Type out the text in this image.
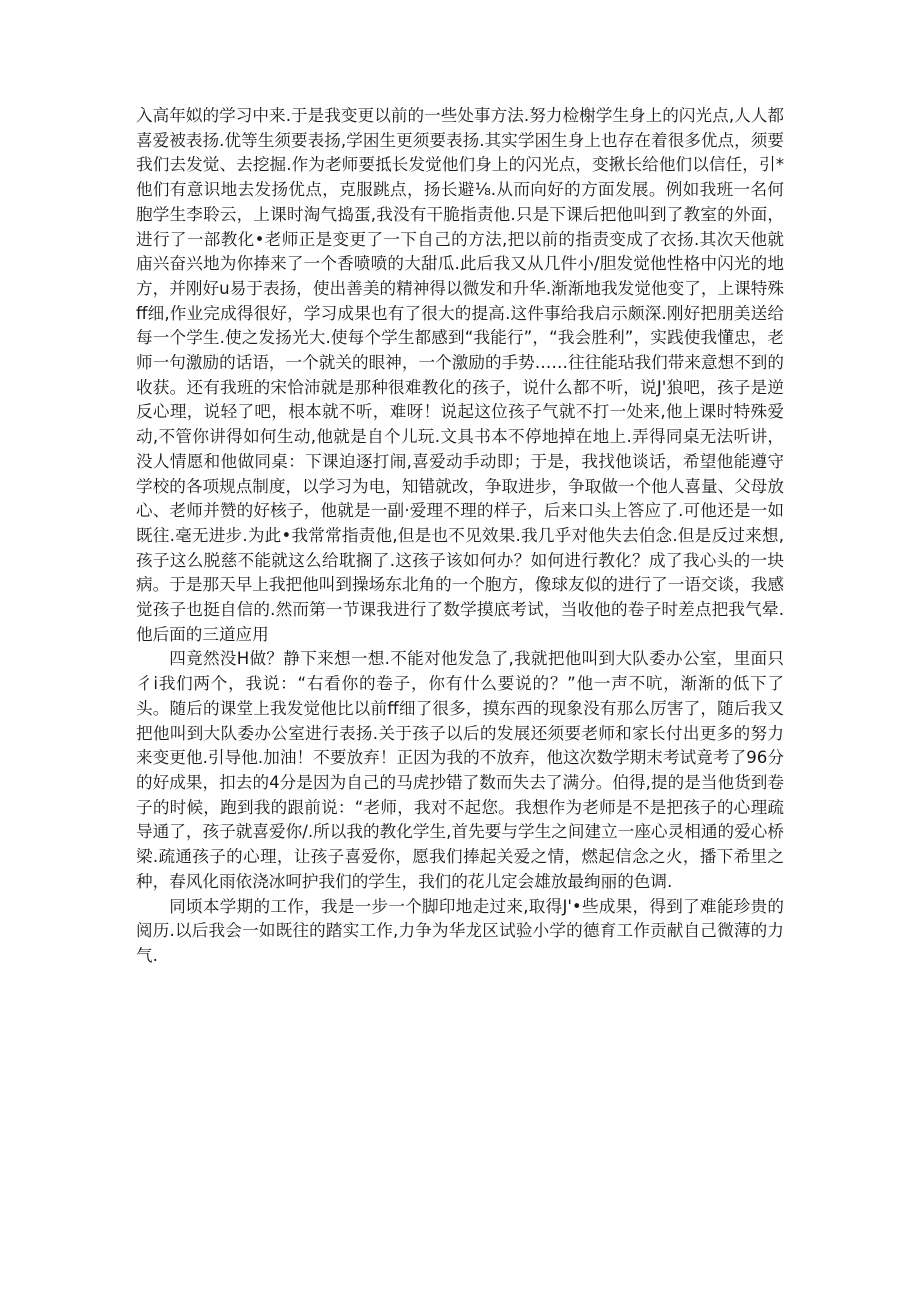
入高年姒的学习中来.于是我变更以前的一些处事方法.努力检榭学生身上的闪光点,人人都喜爱被表扬.优等生须要表扬,学困生更须要表扬.其实学困生身上也存在着很多优点，须要我们去发觉、去挖掘.作为老师要抵长发觉他们身上的闪光点，变揪长给他们以信任，引*他们有意识地去发扬优点，克服跳点，扬长避⅛.从而向好的方面发展。例如我班一名何胞学生李聆云，上课时淘气捣蛋,我没有干脆指责他.只是下课后把他叫到了教室的外面，进行了一部教化•老师正是变更了一下自己的方法,把以前的指责变成了衣扬.其次天他就庙兴奋兴地为你捧来了一个香喷喷的大甜瓜.此后我又从几件小/胆发觉他性格中闪光的地方，并刚好u易于表扬，使出善美的精神得以微发和升华.渐渐地我发觉他变了，上课特殊ff细,作业完成得很好，学习成果也有了很大的提高.这件事给我启示颇深.刚好把朋美送给每一个学生.使之发扬光大.使每个学生都感到“我能行”，“我会胜利”，实践使我懂忠，老师一句激励的话语，一个就关的眼神，一个激励的手势……往往能玷我们带来意想不到的收获。还有我班的宋恰沛就是那种很难教化的孩子，说什么都不听，说J'狼吧，孩子是逆反心理，说轻了吧，根本就不听，难呀！说起这位孩子气就不打一处来,他上课时特殊爱动,不管你讲得如何生动,他就是自个儿玩.文具书本不停地掉在地上.弄得同桌无法听讲，没人情愿和他做同桌：下课迫逐打闹,喜爱动手动即；于是，我找他谈话，希望他能遵守学校的各项规点制度，以学习为电，知错就改，争取进步，争取做一个他人喜量、父母放心、老师并赞的好核子，他就是一副·爱理不理的样子，后来口头上答应了.可他还是一如既往.毫无进步.为此•我常常指责他,但是也不见效果.我几乎对他失去伯念.但是反过来想,孩子这么脱慈不能就这么给耽搁了.这孩子该如何办？如何进行教化？成了我心头的一块病。于是那天早上我把他叫到操场东北角的一个胞方，像球友似的进行了一语交谈，我感觉孩子也挺自信的.然而第一节课我进行了数学摸底考试，当收他的卷子时差点把我气晕.他后面的三道应用

四竟然没H做？静下来想一想.不能对他发急了,我就把他叫到大队委办公室，里面只彳i我们两个，我说：“右看你的卷子，你有什么要说的？”他一声不吭，渐渐的低下了头。随后的课堂上我发觉他比以前ff细了很多，摸东西的现象没有那么厉害了，随后我又把他叫到大队委办公室进行表扬.关于孩子以后的发展还须要老师和家长付出更多的努力来变更他.引导他.加油！不要放弃！正因为我的不放弃，他这次数学期末考试竟考了96分的好成果，扣去的4分是因为自己的马虎抄错了数而失去了满分。伯得,提的是当他货到卷子的时候，跑到我的跟前说：“老师，我对不起您。我想作为老师是不是把孩子的心理疏导通了，孩子就喜爱你/.所以我的教化学生,首先要与学生之间建立一座心灵相通的爱心桥梁.疏通孩子的心理，让孩子喜爱你，愿我们捧起关爱之情，燃起信念之火，播下希里之种，春风化雨依浇冰呵护我们的学生，我们的花儿定会雄放最绚丽的色调.

同顷本学期的工作，我是一步一个脚印地走过来,取得J'•些成果，得到了难能珍贵的阅历.以后我会一如既往的踏实工作,力争为华龙区试验小学的德育工作贡献自己微薄的力气.
